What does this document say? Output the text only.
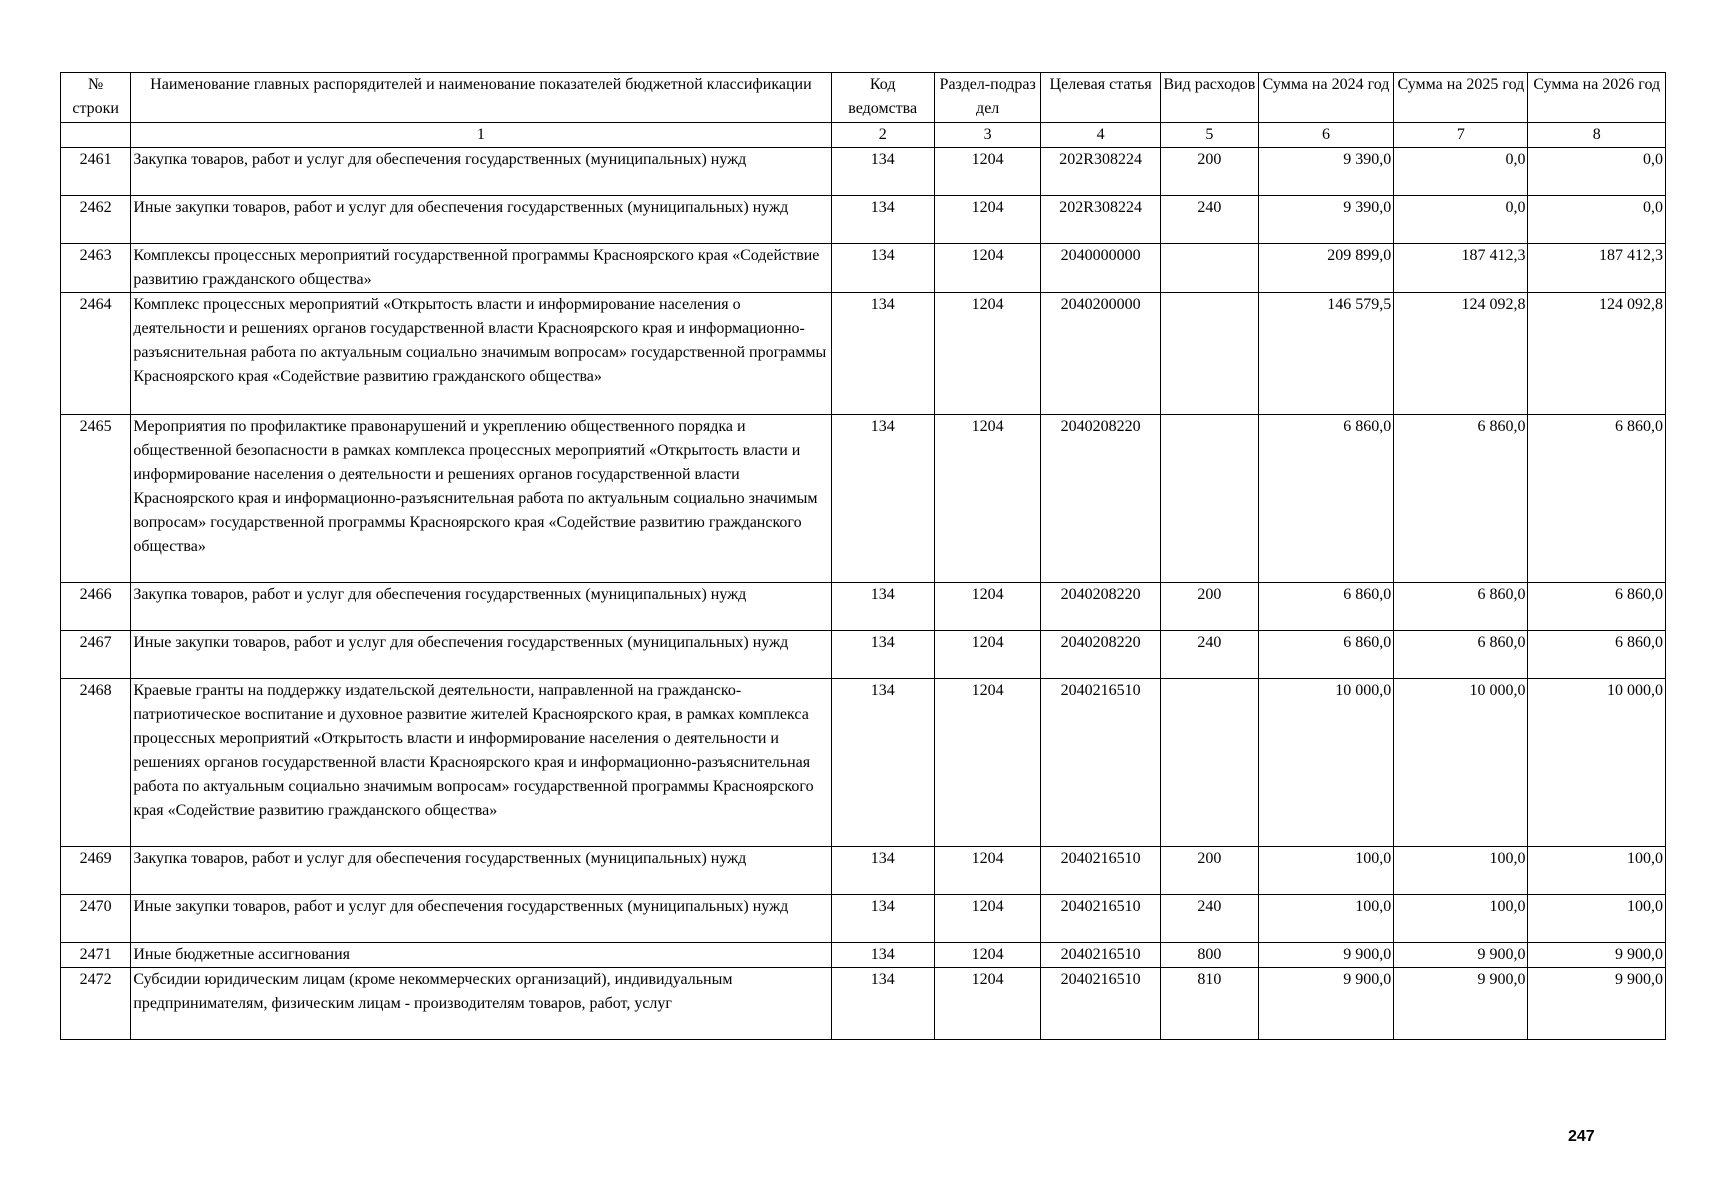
№ строки	Наименование главных распорядителей и наименование показателей бюджетной классификации	Код ведомства	Раздел-подраздел	Целевая статья	Вид расходов	Сумма на 2024 год	Сумма на 2025 год	Сумма на 2026 год
	1	2	3	4	5	6	7	8
2461	Закупка товаров, работ и услуг для обеспечения государственных (муниципальных) нужд	134	1204	202R308224	200	9 390,0	0,0	0,0
2462	Иные закупки товаров, работ и услуг для обеспечения государственных (муниципальных) нужд	134	1204	202R308224	240	9 390,0	0,0	0,0
2463	Комплексы процессных мероприятий государственной программы Красноярского края «Содействие развитию гражданского общества»	134	1204	2040000000		209 899,0	187 412,3	187 412,3
2464	Комплекс процессных мероприятий «Открытость власти и информирование населения о деятельности и решениях органов государственной власти Красноярского края и информационно-разъяснительная работа по актуальным социально значимым вопросам» государственной программы Красноярского края «Содействие развитию гражданского общества»	134	1204	2040200000		146 579,5	124 092,8	124 092,8
2465	Мероприятия по профилактике правонарушений и укреплению общественного порядка и общественной безопасности в рамках комплекса процессных мероприятий «Открытость власти и информирование населения о деятельности и решениях органов государственной власти Красноярского края и информационно-разъяснительная работа по актуальным социально значимым вопросам» государственной программы Красноярского края «Содействие развитию гражданского общества»	134	1204	2040208220		6 860,0	6 860,0	6 860,0
2466	Закупка товаров, работ и услуг для обеспечения государственных (муниципальных) нужд	134	1204	2040208220	200	6 860,0	6 860,0	6 860,0
2467	Иные закупки товаров, работ и услуг для обеспечения государственных (муниципальных) нужд	134	1204	2040208220	240	6 860,0	6 860,0	6 860,0
2468	Краевые гранты на поддержку издательской деятельности, направленной на гражданско-патриотическое воспитание и духовное развитие жителей Красноярского края, в рамках комплекса процессных мероприятий «Открытость власти и информирование населения о деятельности и решениях органов государственной власти Красноярского края и информационно-разъяснительная работа по актуальным социально значимым вопросам» государственной программы Красноярского края «Содействие развитию гражданского общества»	134	1204	2040216510		10 000,0	10 000,0	10 000,0
2469	Закупка товаров, работ и услуг для обеспечения государственных (муниципальных) нужд	134	1204	2040216510	200	100,0	100,0	100,0
2470	Иные закупки товаров, работ и услуг для обеспечения государственных (муниципальных) нужд	134	1204	2040216510	240	100,0	100,0	100,0
2471	Иные бюджетные ассигнования	134	1204	2040216510	800	9 900,0	9 900,0	9 900,0
2472	Субсидии юридическим лицам (кроме некоммерческих организаций), индивидуальным предпринимателям, физическим лицам - производителям товаров, работ, услуг	134	1204	2040216510	810	9 900,0	9 900,0	9 900,0
247
